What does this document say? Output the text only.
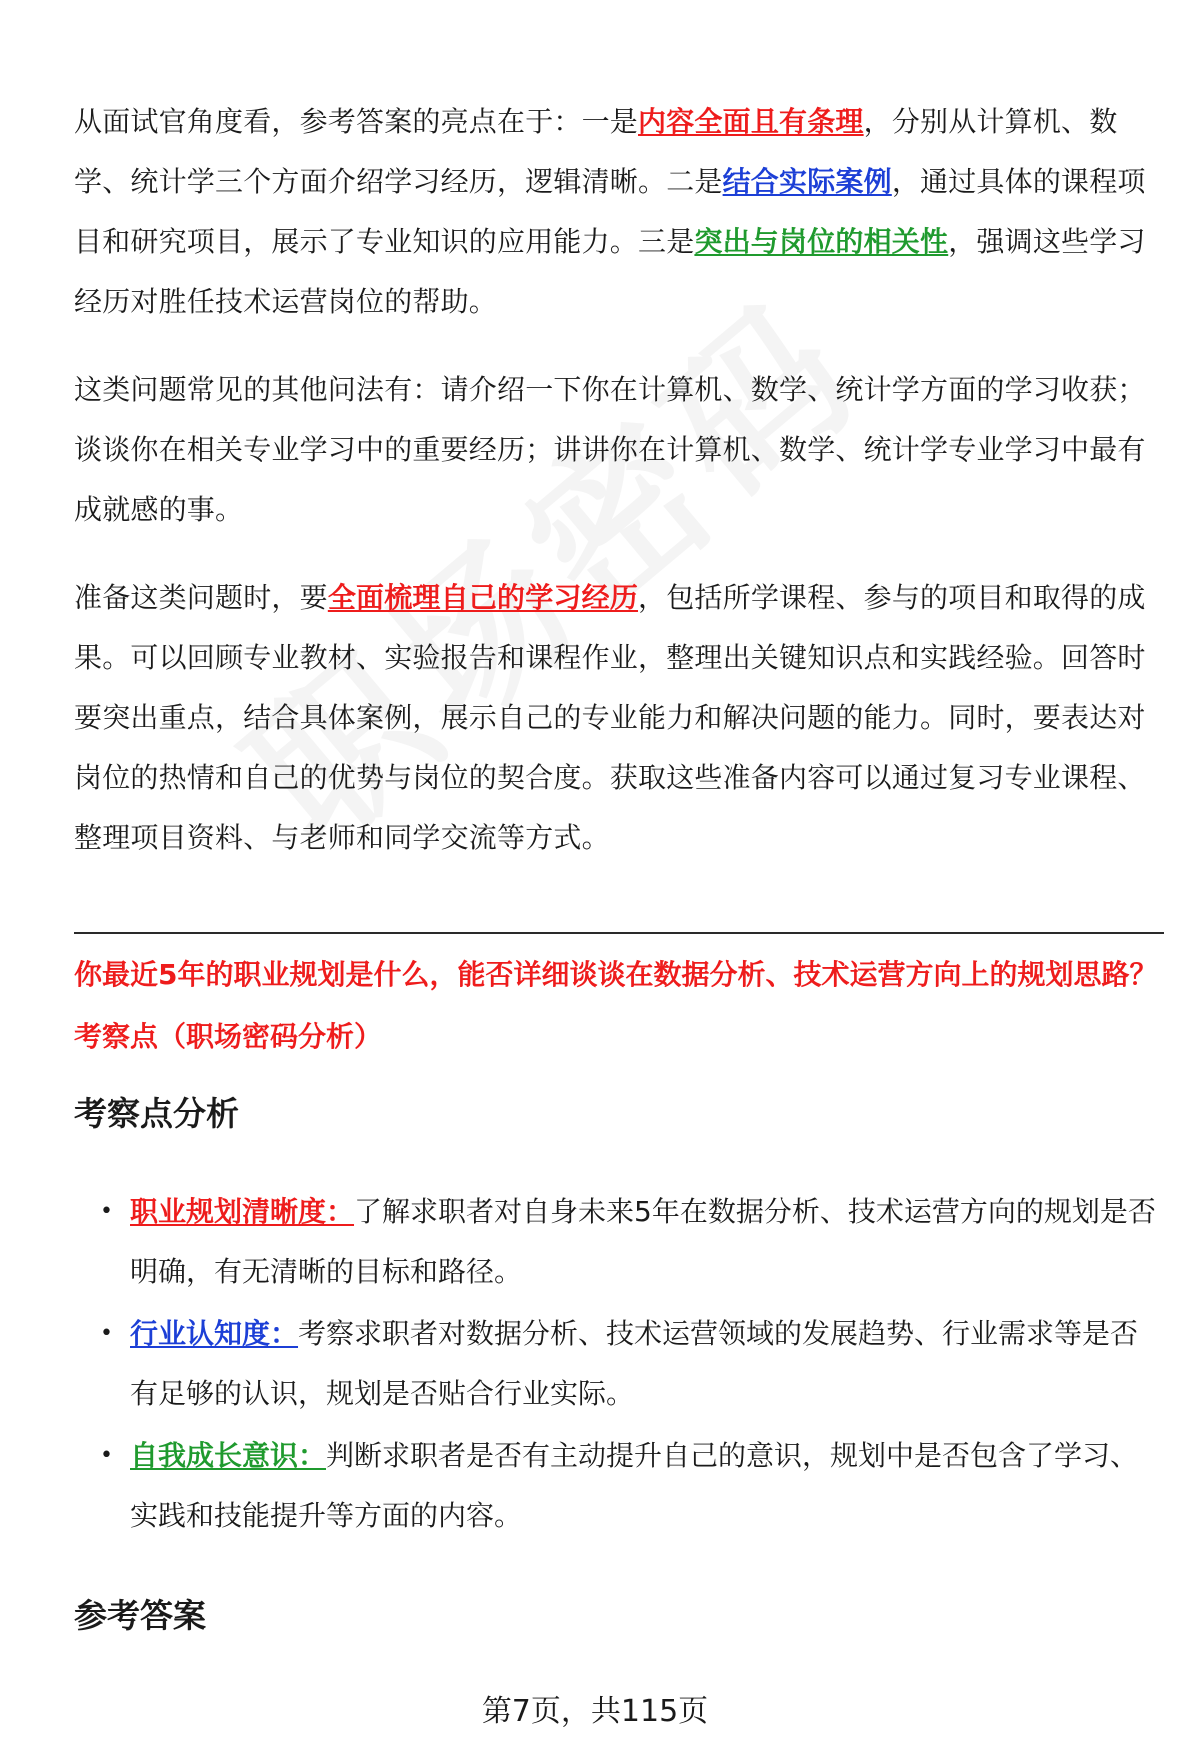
从面试官角度看，参考答案的亮点在于：一是内容全面且有条理，分别从计算机、数学、统计学三个方面介绍学习经历，逻辑清晰。二是结合实际案例，通过具体的课程项目和研究项目，展示了专业知识的应用能力。三是突出与岗位的相关性，强调这些学习经历对胜任技术运营岗位的帮助。

这类问题常见的其他问法有：请介绍一下你在计算机、数学、统计学方面的学习收获；谈谈你在相关专业学习中的重要经历；讲讲你在计算机、数学、统计学专业学习中最有成就感的事。

准备这类问题时，要全面梳理自己的学习经历，包括所学课程、参与的项目和取得的成果。可以回顾专业教材、实验报告和课程作业，整理出关键知识点和实践经验。回答时要突出重点，结合具体案例，展示自己的专业能力和解决问题的能力。同时，要表达对岗位的热情和自己的优势与岗位的契合度。获取这些准备内容可以通过复习专业课程、整理项目资料、与老师和同学交流等方式。

你最近5年的职业规划是什么，能否详细谈谈在数据分析、技术运营方向上的规划思路？

考察点（职场密码分析）

考察点分析
• 职业规划清晰度：了解求职者对自身未来5年在数据分析、技术运营方向的规划是否明确，有无清晰的目标和路径。
• 行业认知度：考察求职者对数据分析、技术运营领域的发展趋势、行业需求等是否有足够的认识，规划是否贴合行业实际。
• 自我成长意识：判断求职者是否有主动提升自己的意识，规划中是否包含了学习、实践和技能提升等方面的内容。
参考答案
第7页，共115页
